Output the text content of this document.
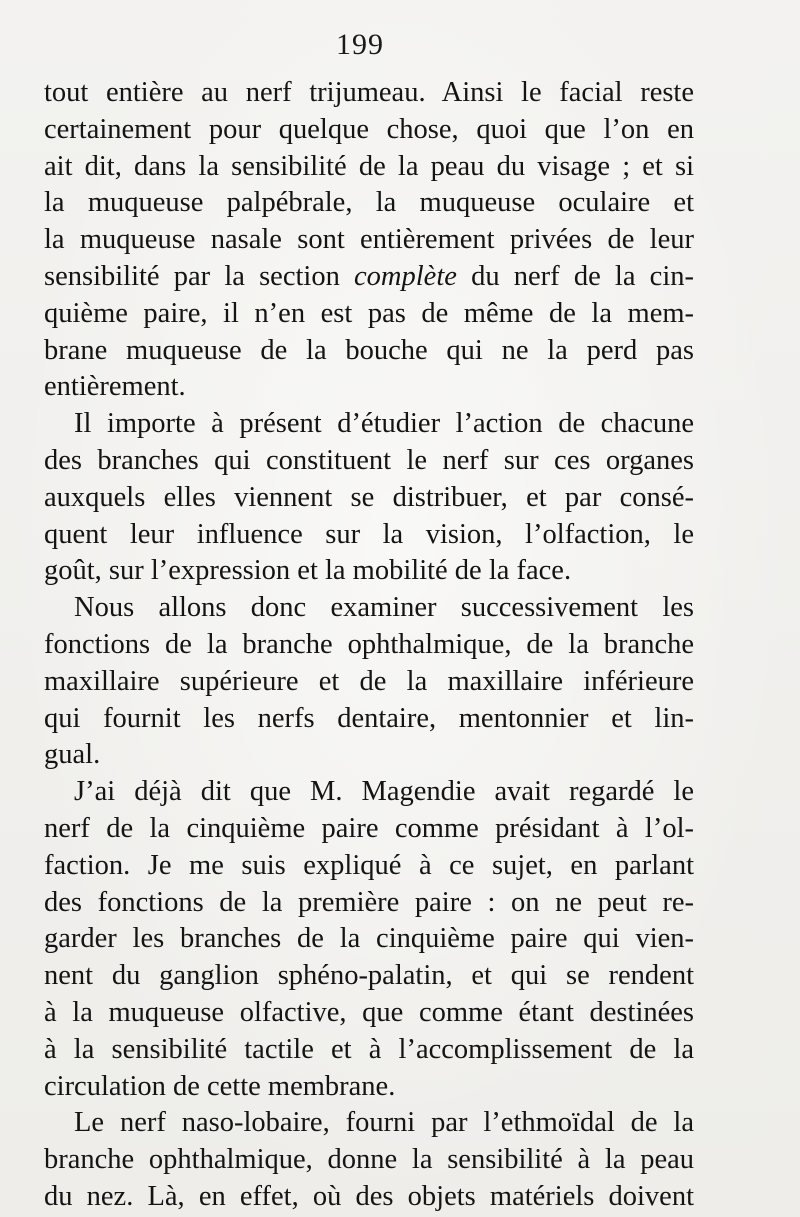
199
tout entière au nerf trijumeau. Ainsi le facial reste
certainement pour quelque chose, quoi que l’on en
ait dit, dans la sensibilité de la peau du visage ; et si
la muqueuse palpébrale, la muqueuse oculaire et
la muqueuse nasale sont entièrement privées de leur
sensibilité par la section complète du nerf de la cin-
quième paire, il n’en est pas de même de la mem-
brane muqueuse de la bouche qui ne la perd pas
entièrement.
Il importe à présent d’étudier l’action de chacune
des branches qui constituent le nerf sur ces organes
auxquels elles viennent se distribuer, et par consé-
quent leur influence sur la vision, l’olfaction, le
goût, sur l’expression et la mobilité de la face.
Nous allons donc examiner successivement les
fonctions de la branche ophthalmique, de la branche
maxillaire supérieure et de la maxillaire inférieure
qui fournit les nerfs dentaire, mentonnier et lin-
gual.
J’ai déjà dit que M. Magendie avait regardé le
nerf de la cinquième paire comme présidant à l’ol-
faction. Je me suis expliqué à ce sujet, en parlant
des fonctions de la première paire : on ne peut re-
garder les branches de la cinquième paire qui vien-
nent du ganglion sphéno-palatin, et qui se rendent
à la muqueuse olfactive, que comme étant destinées
à la sensibilité tactile et à l’accomplissement de la
circulation de cette membrane.
Le nerf naso-lobaire, fourni par l’ethmoïdal de la
branche ophthalmique, donne la sensibilité à la peau
du nez. Là, en effet, où des objets matériels doivent
